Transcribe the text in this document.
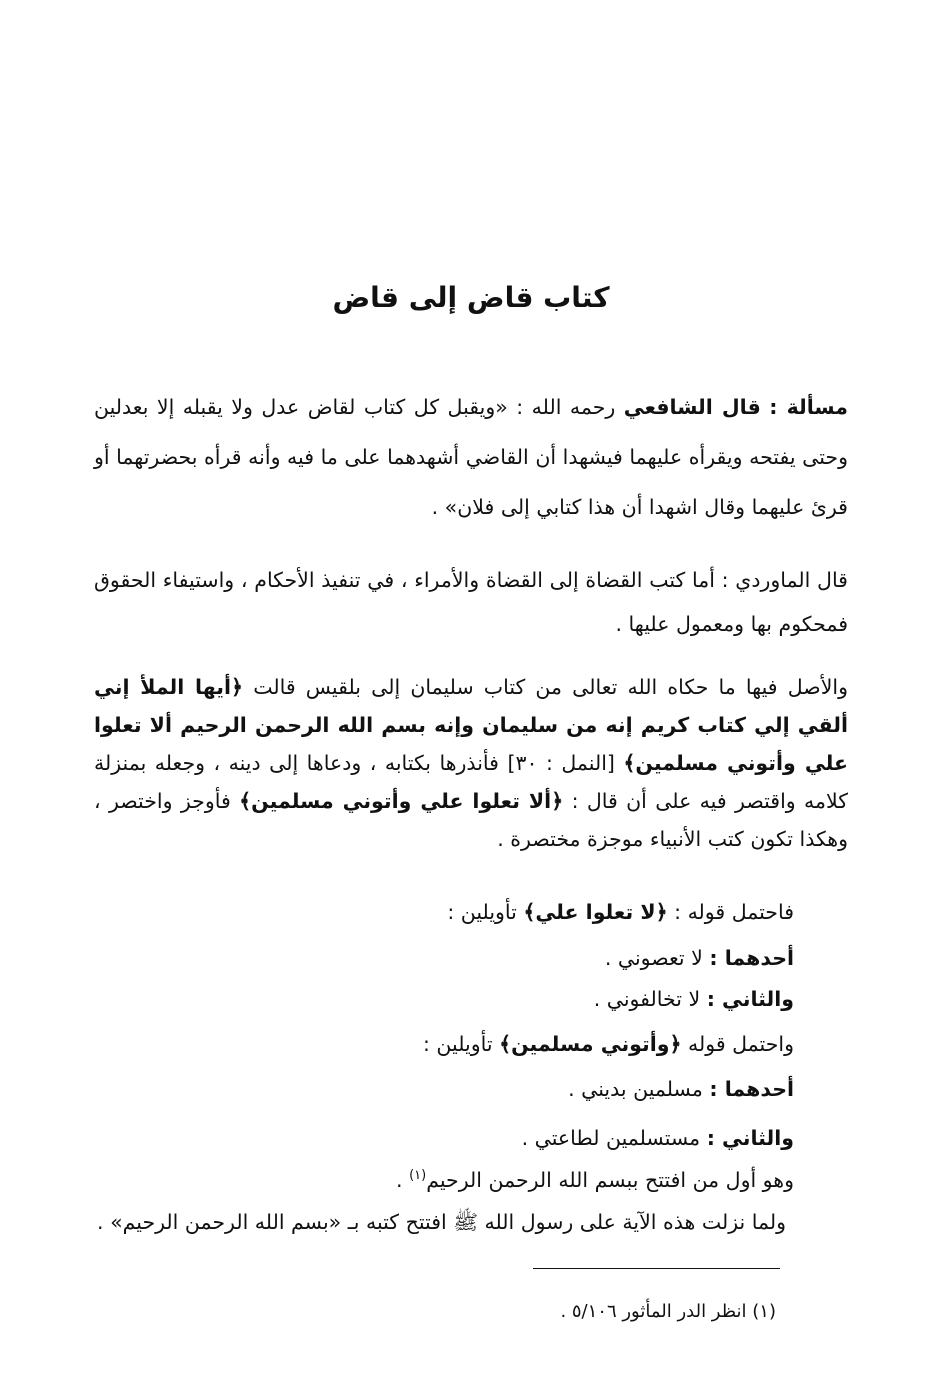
كتاب قاض إلى قاض

مسألة : قال الشافعي رحمه الله : «ويقبل كل كتاب لقاض عدل ولا يقبله إلا بعدلين وحتى يفتحه ويقرأه عليهما فيشهدا أن القاضي أشهدهما على ما فيه وأنه قرأه بحضرتهما أو قرئ عليهما وقال اشهدا أن هذا كتابي إلى فلان» .

قال الماوردي : أما كتب القضاة إلى القضاة والأمراء ، في تنفيذ الأحكام ، واستيفاء الحقوق فمحكوم بها ومعمول عليها .

والأصل فيها ما حكاه الله تعالى من كتاب سليمان إلى بلقيس قالت ﴿أيها الملأ إني ألقي إلي كتاب كريم إنه من سليمان وإنه بسم الله الرحمن الرحيم ألا تعلوا علي وأتوني مسلمين﴾ [النمل : ٣٠] فأنذرها بكتابه ، ودعاها إلى دينه ، وجعله بمنزلة كلامه واقتصر فيه على أن قال : ﴿ألا تعلوا علي وأتوني مسلمين﴾ فأوجز واختصر ، وهكذا تكون كتب الأنبياء موجزة مختصرة .

فاحتمل قوله : ﴿لا تعلوا علي﴾ تأويلين :

أحدهما : لا تعصوني .

والثاني : لا تخالفوني .

واحتمل قوله ﴿وأتوني مسلمين﴾ تأويلين :

أحدهما : مسلمين بديني .

والثاني : مستسلمين لطاعتي .

وهو أول من افتتح ببسم الله الرحمن الرحيم$^{(١)}$ .

ولما نزلت هذه الآية على رسول الله ﷺ افتتح كتبه بـ «بسم الله الرحمن الرحيم» .

(١) انظر الدر المأثور ٥/١٠٦ .
